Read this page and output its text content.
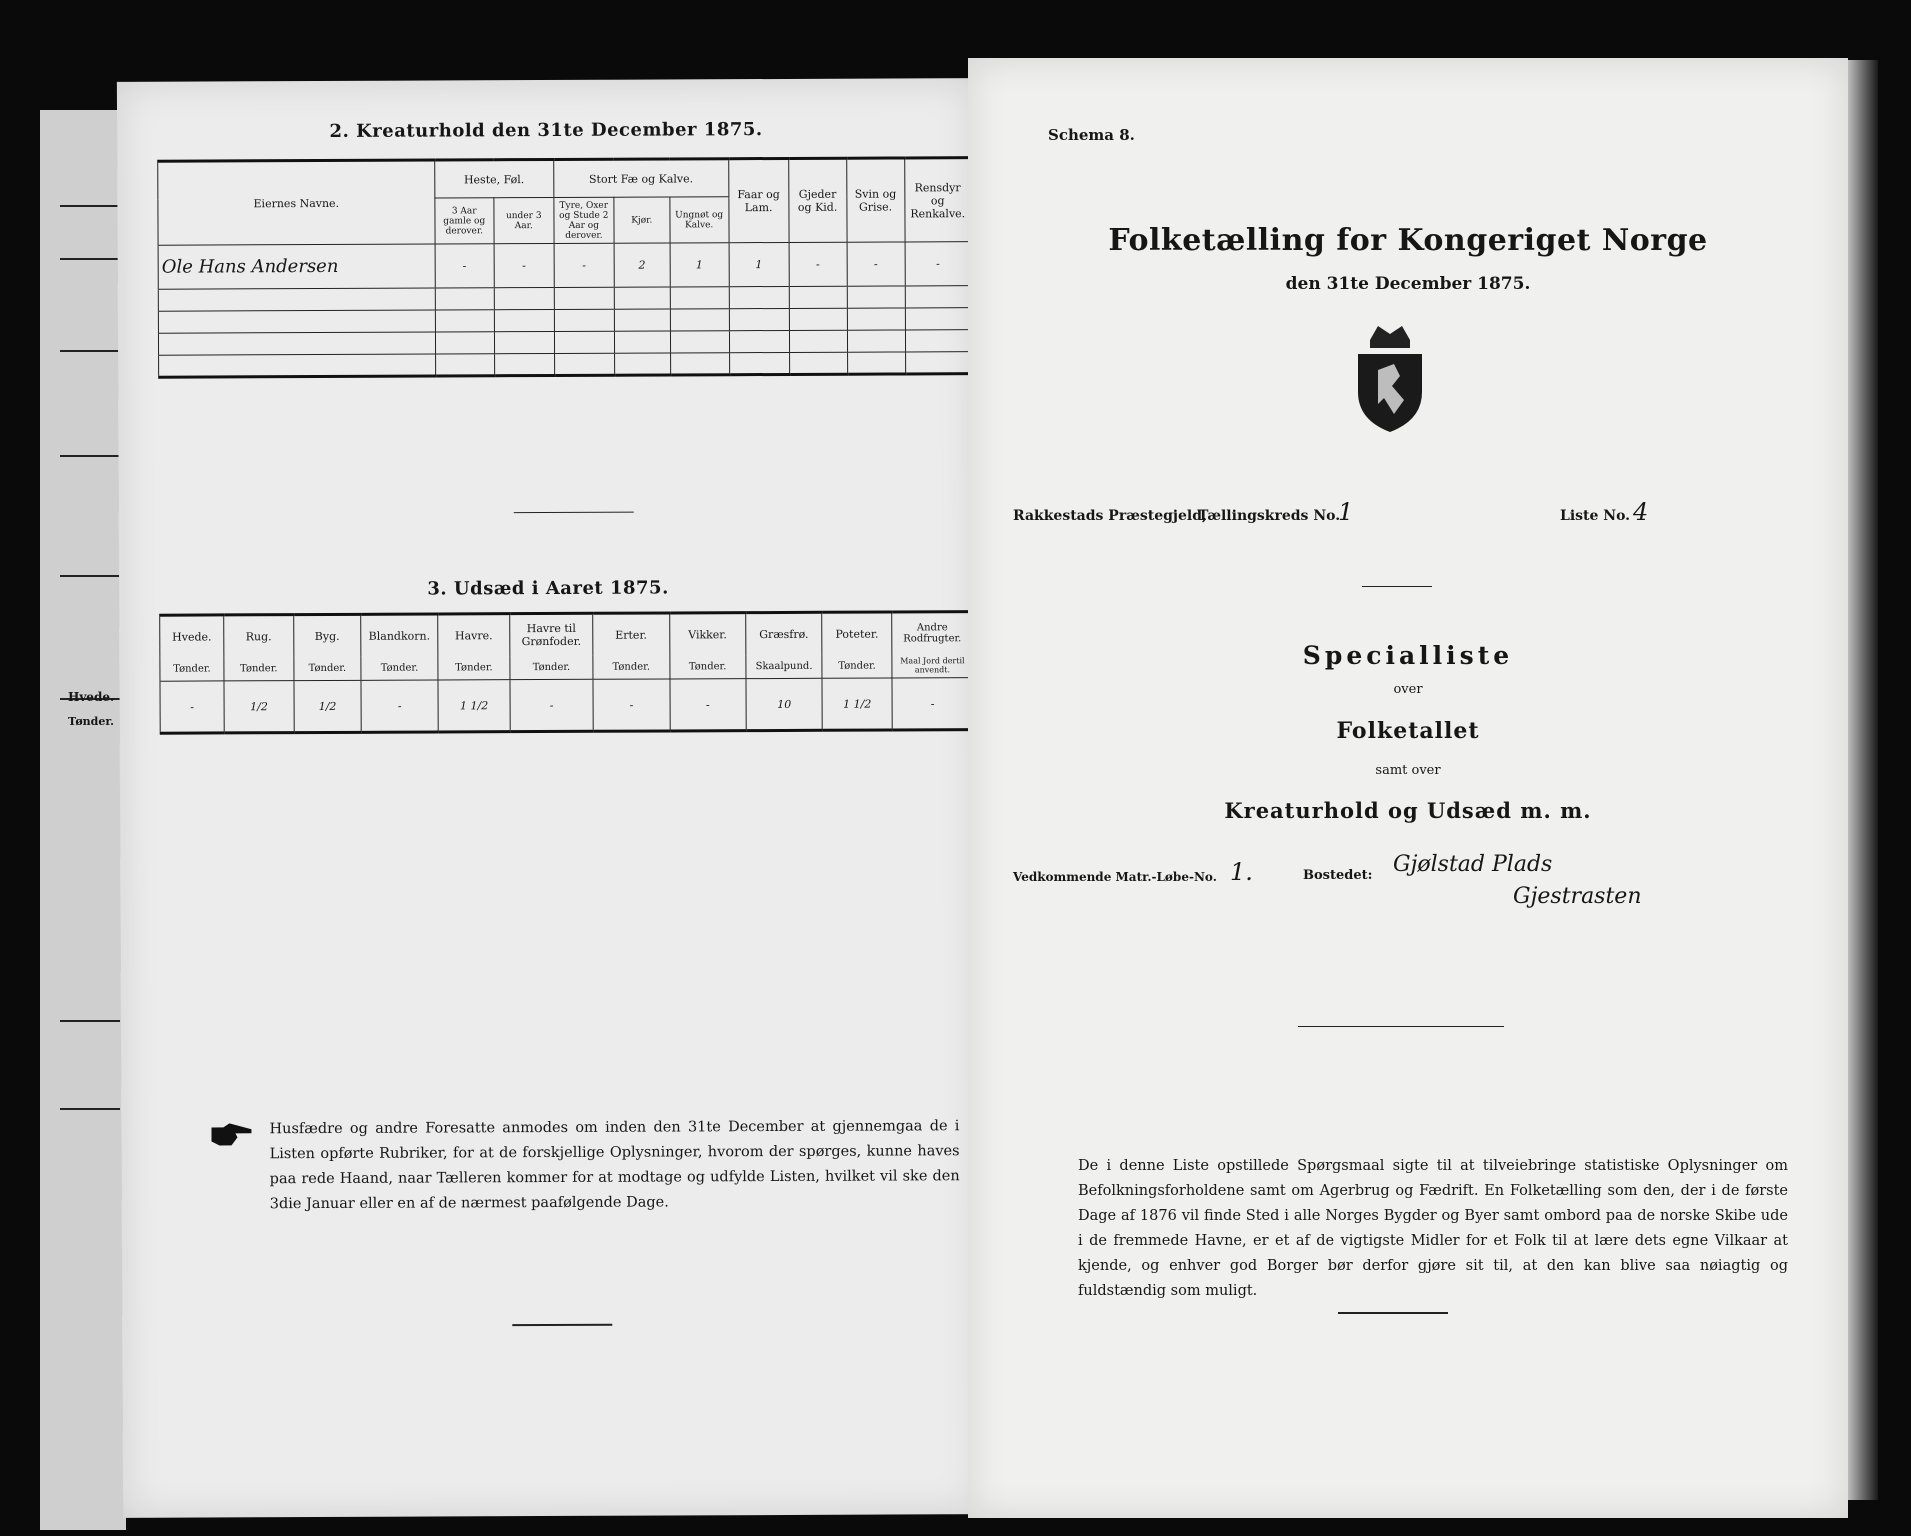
Hvede.
Tønder.
2. Kreaturhold den 31te December 1875.
Eiernes Navne.	Heste, Føl.		Stort Fæ og Kalve.			Faar og Lam.	Gjeder og Kid.	Svin og Grise.	Rensdyr og Renkalve.
	3 Aar gamle og derover.	under 3 Aar.	Tyre, Oxer og Stude 2 Aar og derover.	Kjør.	Ungnøt og Kalve.				
Ole Hans Andersen	-	-	-	2	1	1	-	-	-

3. Udsæd i Aaret 1875.
Hvede.	Rug.	Byg.	Blandkorn.	Havre.	Havre til Grønfoder.	Erter.	Vikker.	Græsfrø.	Poteter.	Andre Rodfrugter.
Tønder.	Tønder.	Tønder.	Tønder.	Tønder.	Tønder.	Tønder.	Tønder.	Skaalpund.	Tønder.	Maal Jord dertil anvendt.
-	1/2	1/2	-	1 1/2	-	-	-	10	1 1/2	-
Husfædre og andre Foresatte anmodes om inden den 31te December at gjennemgaa de i Listen opførte Rubriker, for at de forskjellige Oplysninger, hvorom der spørges, kunne haves paa rede Haand, naar Tælleren kommer for at modtage og udfylde Listen, hvilket vil ske den 3die Januar eller en af de nærmest paafølgende Dage.
Schema 8.
Folketælling for Kongeriget Norge
den 31te December 1875.
Rakkestads Præstegjeld,
Tællingskreds No.
1	Liste No. 4
Specialliste
over
Folketallet
samt over
Kreaturhold og Udsæd m. m.
Vedkommende Matr.-Løbe-No. 1.	Bostedet: Gjølstad Plads
Gjestrasten
De i denne Liste opstillede Spørgsmaal sigte til at tilveiebringe statistiske Oplysninger om Befolkningsforholdene samt om Agerbrug og Fædrift. En Folketælling som den, der i de første Dage af 1876 vil finde Sted i alle Norges Bygder og Byer samt ombord paa de norske Skibe ude i de fremmede Havne, er et af de vigtigste Midler for et Folk til at lære dets egne Vilkaar at kjende, og enhver god Borger bør derfor gjøre sit til, at den kan blive saa nøiagtig og fuldstændig som muligt.
